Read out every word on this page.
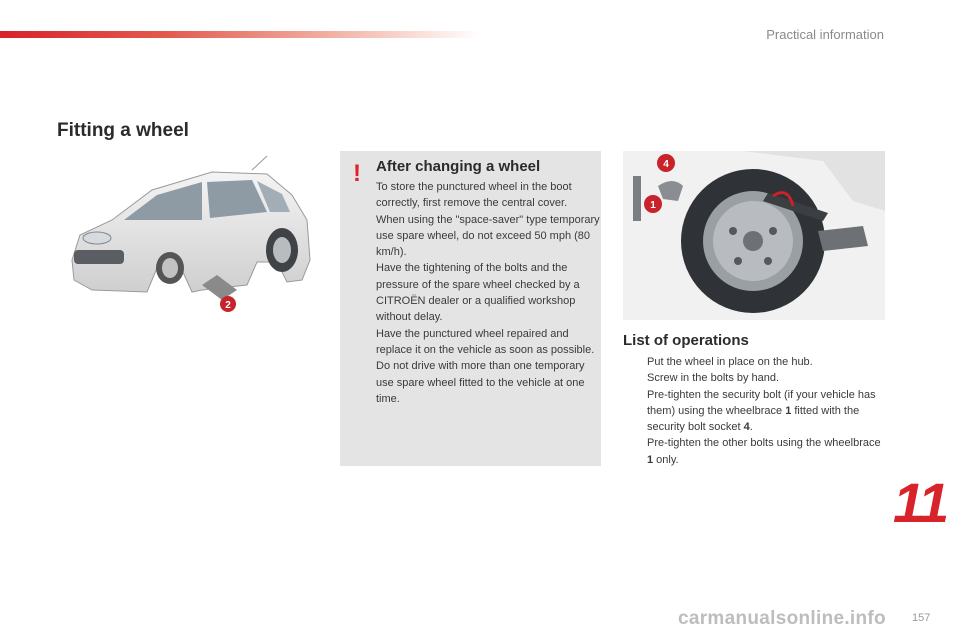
Practical information
Fitting a wheel
2
! After changing a wheel

To store the punctured wheel in the boot correctly, first remove the central cover.

When using the "space-saver" type temporary use spare wheel, do not exceed 50 mph (80 km/h).

Have the tightening of the bolts and the pressure of the spare wheel checked by a CITROËN dealer or a qualified workshop without delay.

Have the punctured wheel repaired and replace it on the vehicle as soon as possible.

Do not drive with more than one temporary use spare wheel fitted to the vehicle at one time.

4
1
List of operations
Put the wheel in place on the hub.
Screw in the bolts by hand.
Pre-tighten the security bolt (if your vehicle has them) using the wheelbrace 1 fitted with the security bolt socket 4.
Pre-tighten the other bolts using the wheelbrace 1 only.
11
carmanualsonline.info 157
